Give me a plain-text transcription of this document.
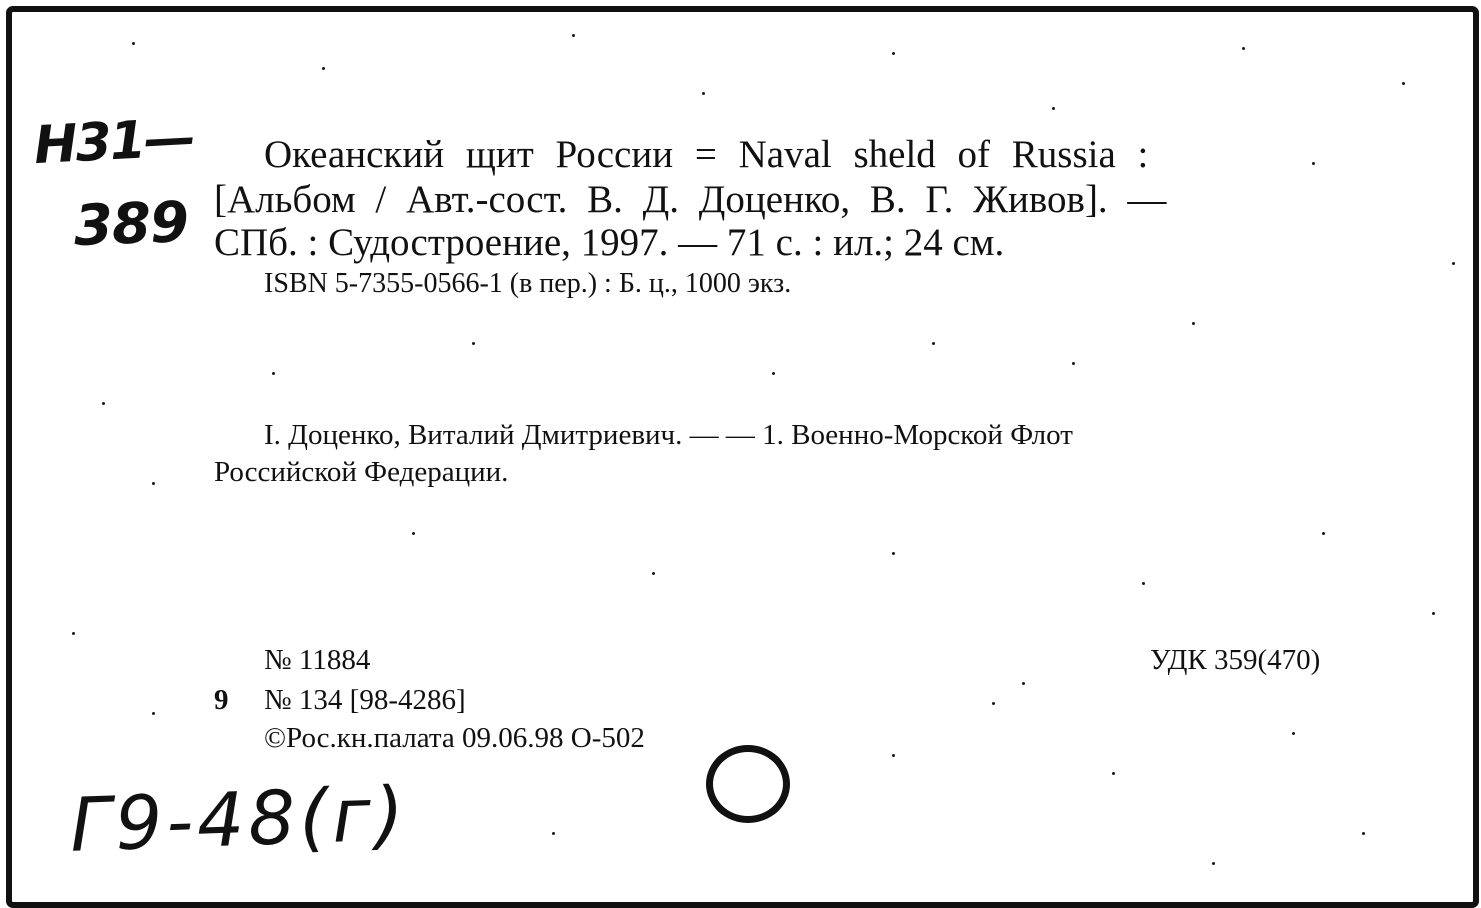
Н31—
389
Океанский щит России = Naval sheld of Russia :
[Альбом / Авт.-сост. В. Д. Доценко, В. Г. Живов]. —
СПб. : Судостроение, 1997. — 71 с. : ил.; 24 см.
ISBN 5-7355-0566-1 (в пер.) : Б. ц., 1000 экз.
I. Доценко, Виталий Дмитриевич. — — 1. Военно-Морской Флот
Российской Федерации.
№ 11884
9 № 134 [98-4286]
©Рос.кн.палата 09.06.98 О-502
УДК 359(470)
Г9-48(г)
